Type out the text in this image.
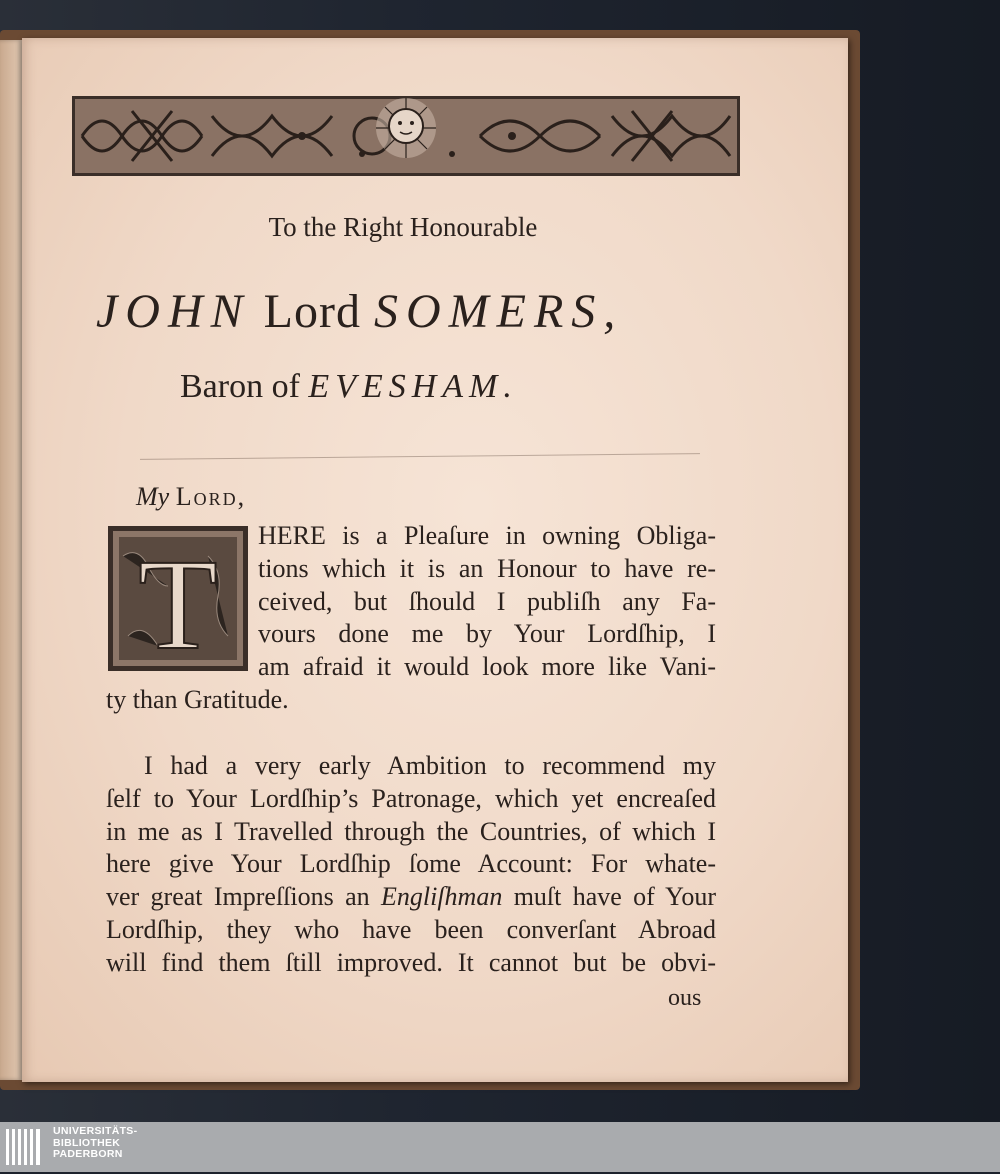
To the Right Honourable
JOHN Lord SOMERS,
Baron of EVESHAM.
My Lord,
T	HERE is a Pleaſure in owning Obliga-
tions which it is an Honour to have re-
ceived, but ſhould I publiſh any Fa-
vours done me by Your Lordſhip, I
am afraid it would look more like Vani-
ty than Gratitude.
I had a very early Ambition to recommend my
ſelf to Your Lordſhip’s Patronage, which yet encreaſed
in me as I Travelled through the Countries, of which I
here give Your Lordſhip ſome Account: For whate-
ver great Impreſſions an Engliſhman muſt have of Your
Lordſhip, they who have been converſant Abroad
will find them ſtill improved. It cannot but be obvi-
ous
UNIVERSITÄTS-
BIBLIOTHEK
PADERBORN
